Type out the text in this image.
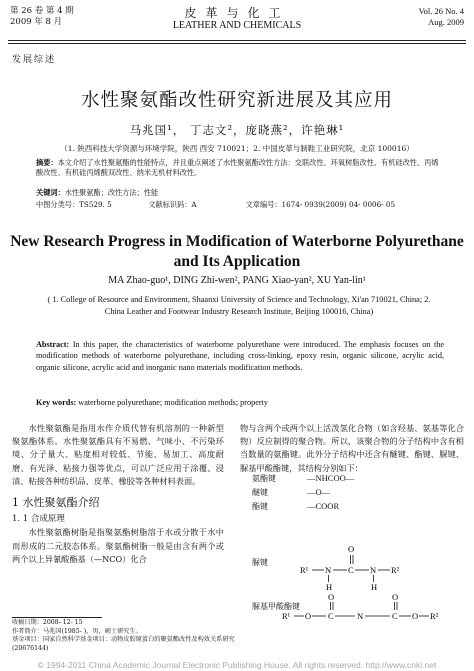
第 26 卷 第 4 期
2009 年 8 月
皮革与化工
LEATHER AND CHEMICALS
Vol. 26 No. 4
Aug. 2009
发展综述
水性聚氨酯改性研究新进展及其应用
马兆国¹， 丁志文²，庞晓燕²，许艳琳¹
（1. 陕西科技大学资源与环境学院，陕西 西安 710021；2. 中国皮革与制鞋工业研究院，北京 100016）
摘要：本文介绍了水性聚氨酯的性能特点，并且重点阐述了水性聚氨酯改性方法：交联改性、环氧树脂改性、有机硅改性、丙烯酸改性、有机硅丙烯酸双改性、纳米无机材料改性。
关键词：水性聚氨酯；改性方法；性能
中图分类号：TS529. 5	文献标识码：A	文章编号：1674- 0939(2009) 04- 0006- 05
New Research Progress in Modification of Waterborne Polyurethane and Its Application
MA Zhao-guo¹, DING Zhi-wen², PANG Xiao-yan², XU Yan-lin¹
( 1. College of Resource and Environment, Shaanxi University of Science and Technology, Xi'an 710021, China; 2. China Leather and Footwear Industry Research Institute, Beijing 100016, China)
Abstract: In this paper, the characteristics of waterborne polyurethane were introduced. The emphasis focuses on the modification methods of waterborne polyurethane, including cross-linking, epoxy resin, organic silicone, acrylic acid, organic silicone, acrylic acid and inorganic nano materials modification methods.
Key words: waterborne polyurethane; modification methods; property

水性聚氨酯是指用水作介质代替有机溶剂的一种新型聚氨酯体系。水性聚氨酯具有不易燃、气味小、不污染环境、分子量大、粘度相对较低、节能、易加工、高度耐磨、有光泽、粘接力强等优点，可以广泛应用于涂覆、浸渍、粘接各种纺织品、皮革、橡胶等各种材料表面。

1 水性聚氨酯介绍
1. 1 合成原理

水性聚氨酯树脂是指聚氨酯树脂溶于水或分散于水中而形成的二元胶态体系。聚氨酯树脂一般是由含有两个或两个以上异氰酸酯基（—NCO）化合

收稿日期：2008- 12- 15
作者简介：马兆国(1985- )，男，硕士研究生。
基金项目：国家自然科学基金项目：动物皮胶原蛋白的聚氨酯改性及构效关系研究(20676144)

物与含两个或两个以上活泼氢化合物（如含羟基、氨基等化合物）反应制得的聚合物。所以，该聚合物的分子结构中含有相当数量的氨酯键。此外分子结构中还含有醚键、酯键、脲键、脲基甲酸酯键，其结构分别如下：

氨酯键	—NHCOO—
醚键	—O—
酯键	—COOR
脲键
脲基甲酸酯键
R¹ N
H
C
O
N
H
R²
O	O
R¹ O C	N	C O R²
© 1994-2011 China Academic Journal Electronic Publishing House. All rights reserved. http://www.cnki.net
